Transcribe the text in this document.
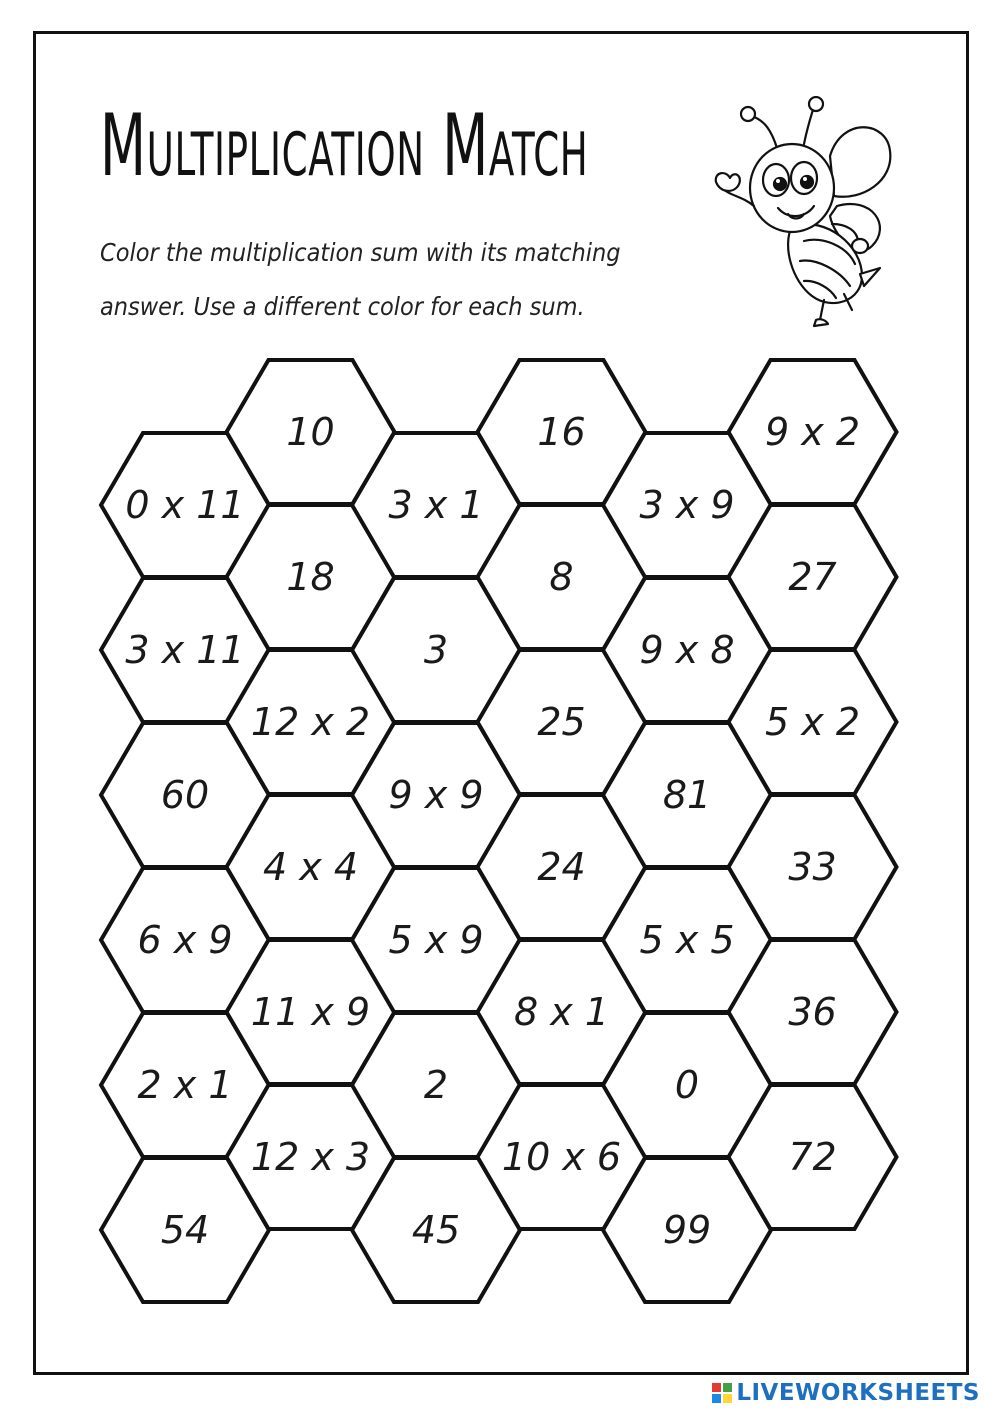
Multiplication Match

Color the multiplication sum with its matching

answer. Use a different color for each sum.

0 x 11
3 x 11
60
6 x 9
2 x 1
54
10
18
12 x 2
4 x 4
11 x 9
12 x 3
3 x 1
3
9 x 9
5 x 9
2
45
16
8
25
24
8 x 1
10 x 6
3 x 9
9 x 8
81
5 x 5
0
99
9 x 2
27
5 x 2
33
36
72
LIVEWORKSHEETS
